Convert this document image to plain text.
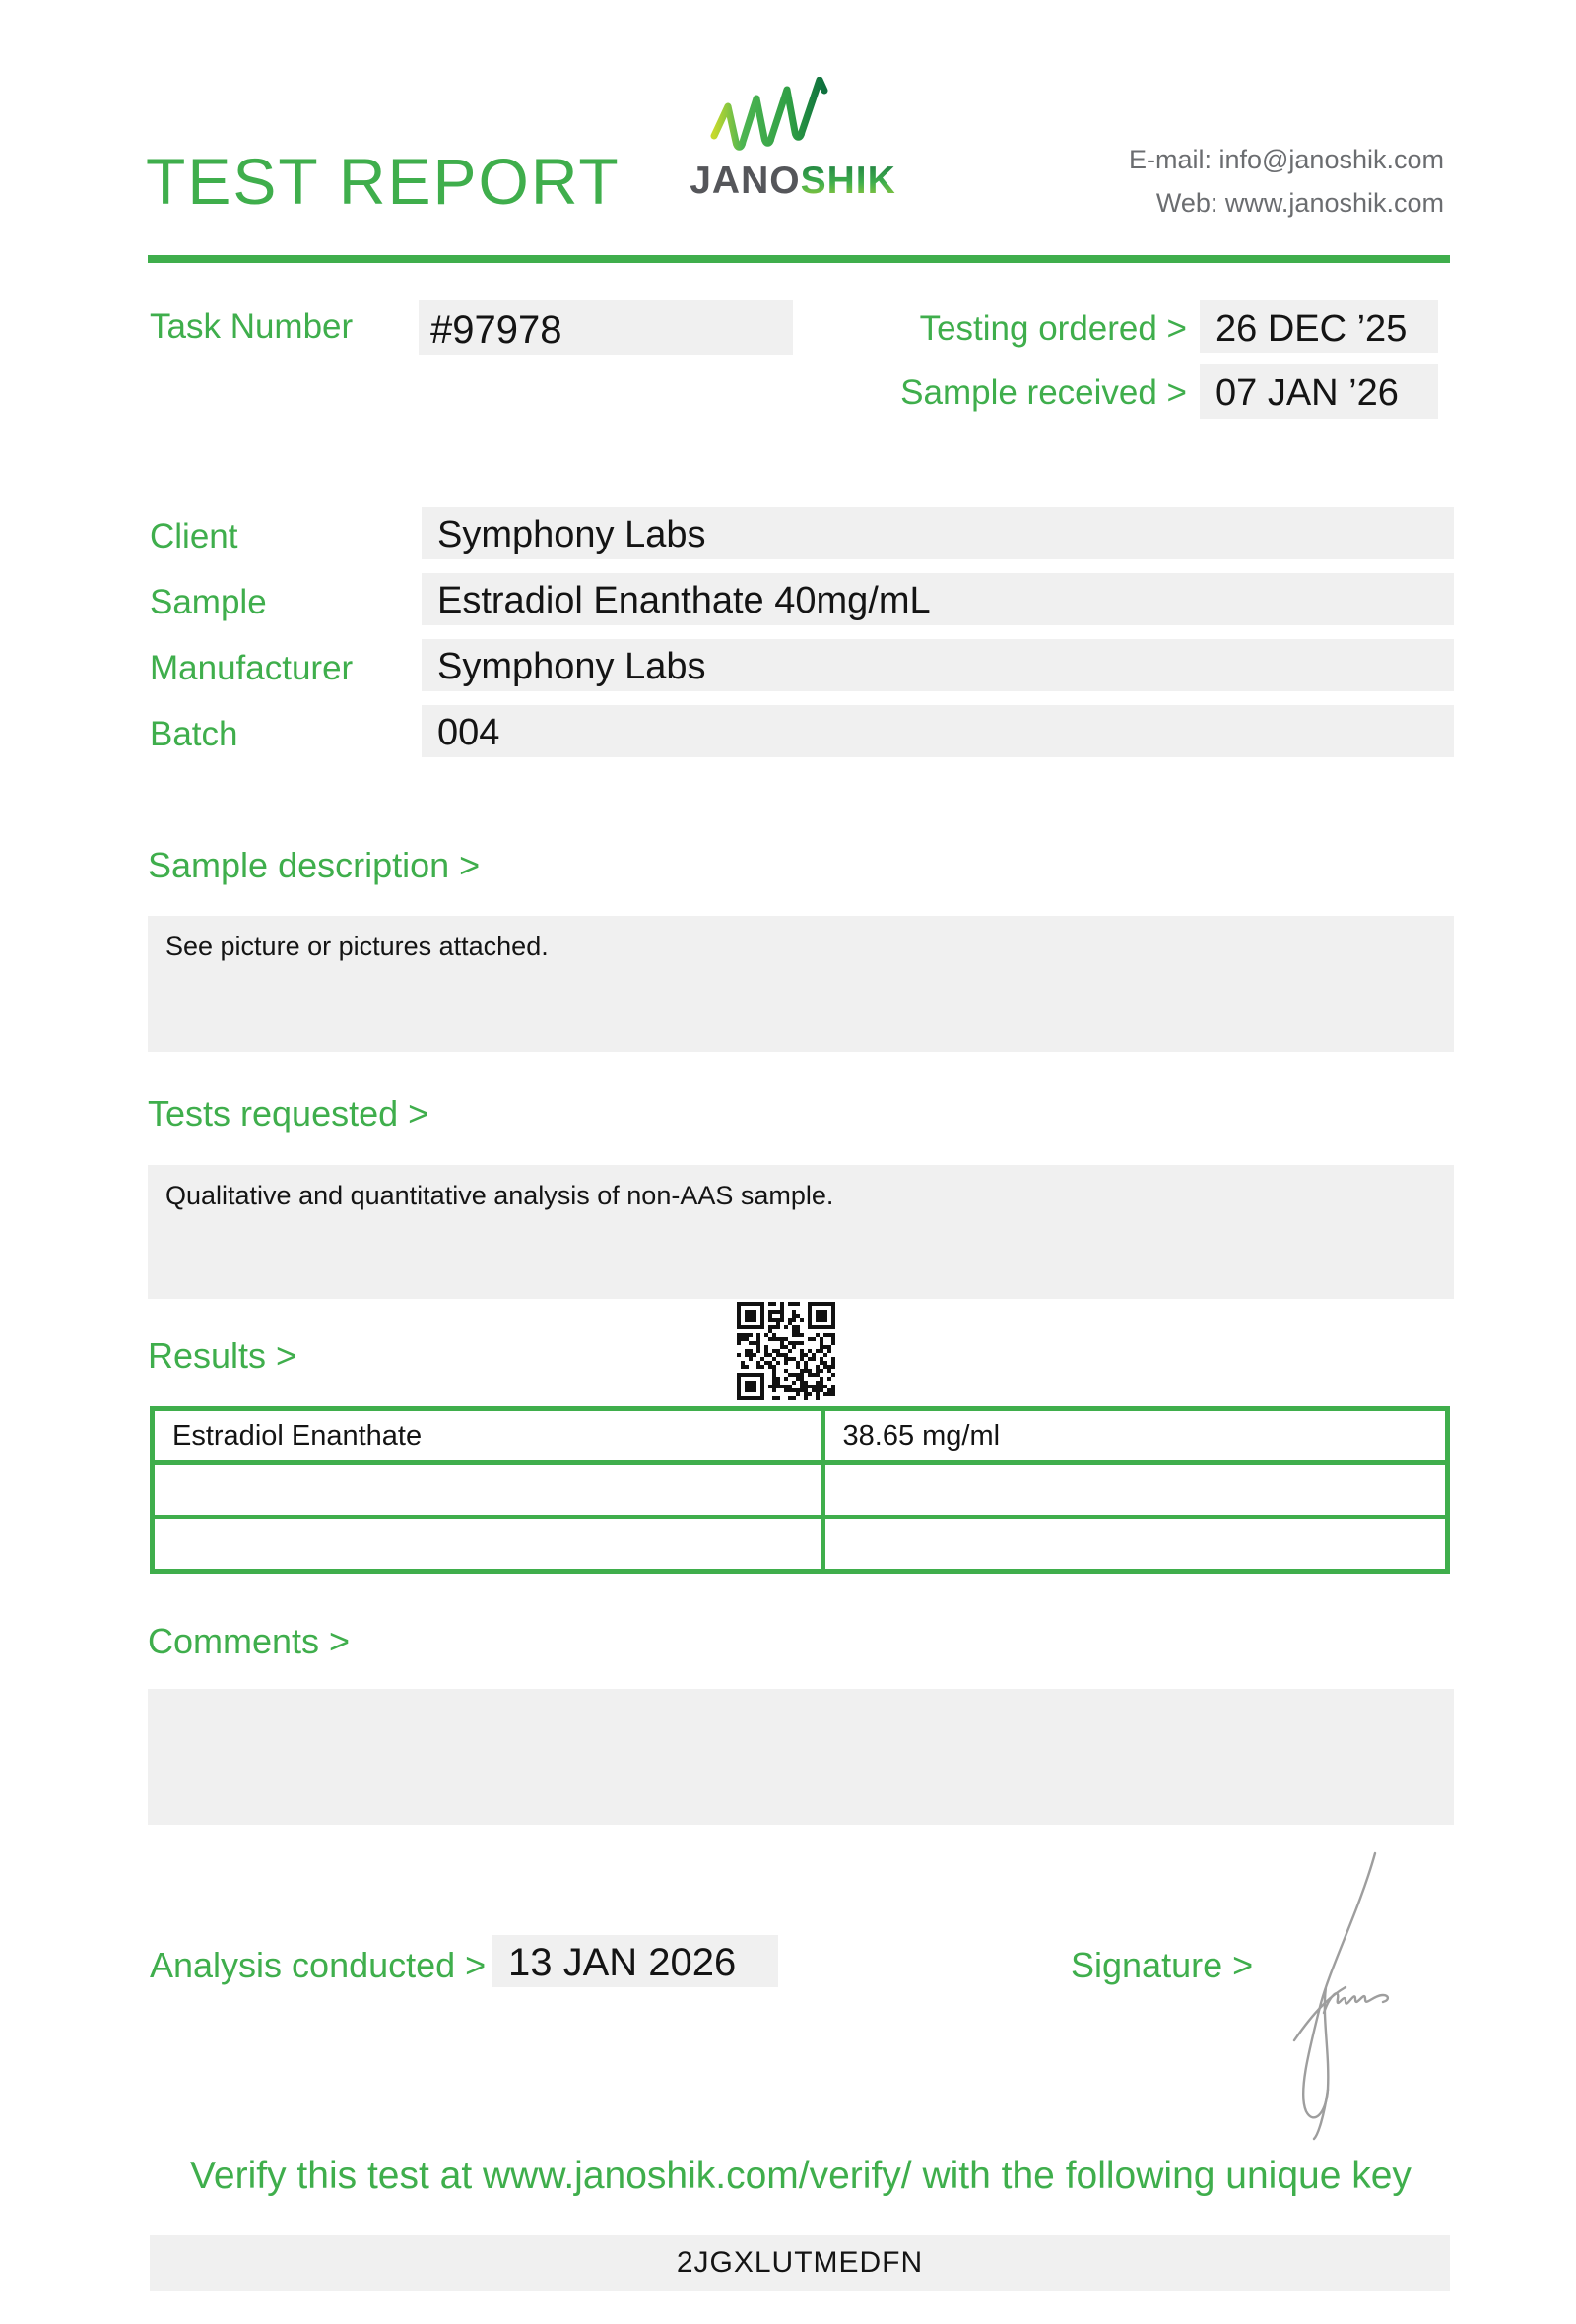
TEST REPORT JANOSHIK	E-mail: info@janoshik.com
Web: www.janoshik.com
Task Number	#97978	Testing ordered > 26 DEC ’25
Sample received > 07 JAN ’26
Client	Symphony Labs
Sample	Estradiol Enanthate 40mg/mL
Manufacturer	Symphony Labs
Batch	004
Sample description >
See picture or pictures attached.
Tests requested >
Qualitative and quantitative analysis of non-AAS sample.
Results >
Estradiol Enanthate	38.65 mg/ml

Comments >
Analysis conducted > 13 JAN 2026	Signature >
Verify this test at www.janoshik.com/verify/ with the following unique key
2JGXLUTMEDFN
